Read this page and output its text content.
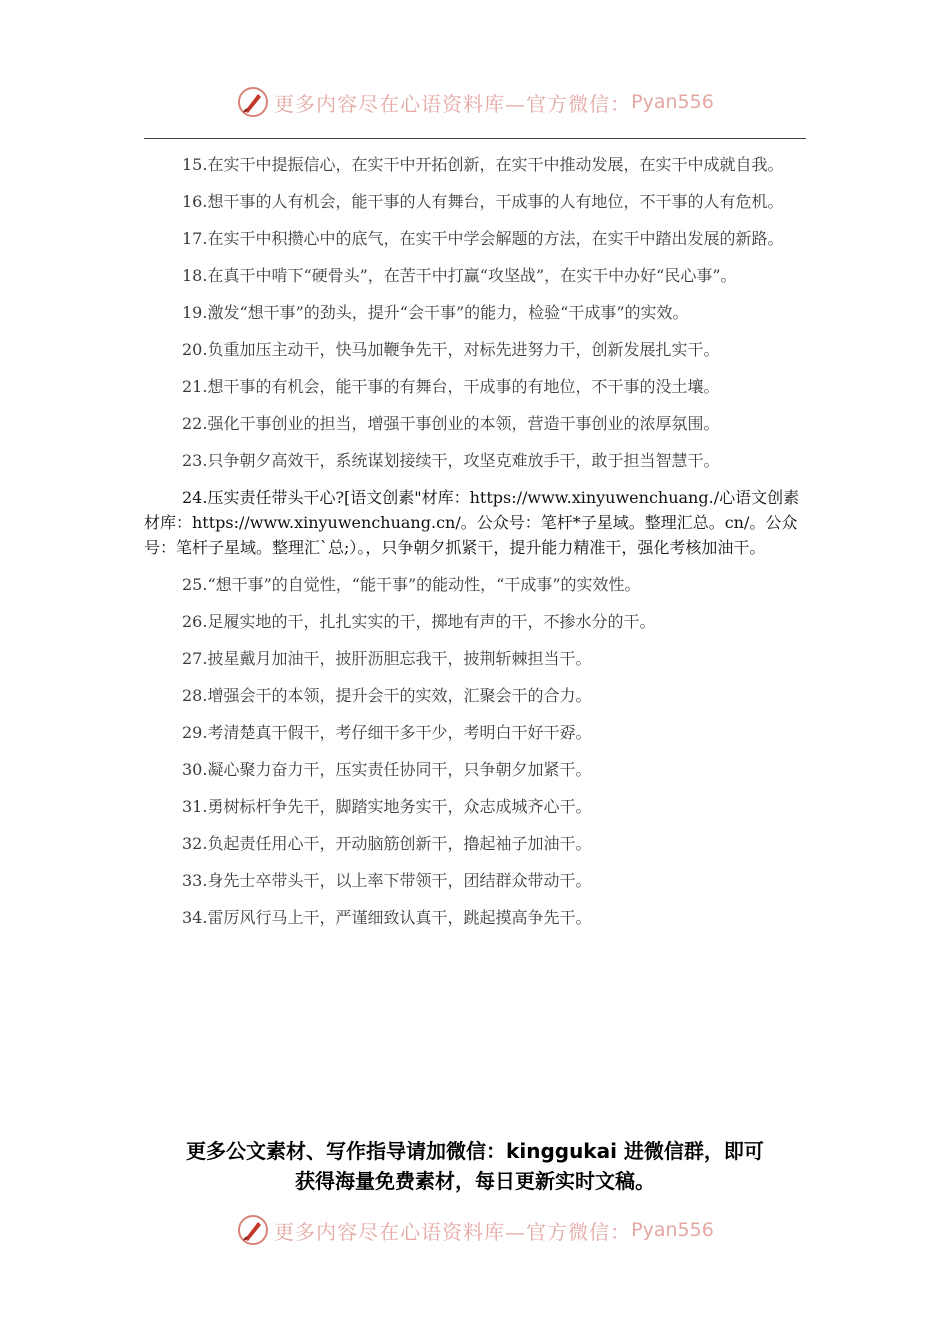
更多内容尽在心语资料库—官方微信： Pyan556

15.在实干中提振信心，在实干中开拓创新，在实干中推动发展，在实干中成就自我。

16.想干事的人有机会，能干事的人有舞台，干成事的人有地位，不干事的人有危机。

17.在实干中积攒心中的底气，在实干中学会解题的方法，在实干中踏出发展的新路。

18.在真干中啃下“硬骨头”，在苦干中打赢“攻坚战”，在实干中办好“民心事”。

19.激发“想干事”的劲头，提升“会干事”的能力，检验“干成事”的实效。

20.负重加压主动干，快马加鞭争先干，对标先进努力干，创新发展扎实干。

21.想干事的有机会，能干事的有舞台，干成事的有地位，不干事的没土壤。

22.强化干事创业的担当，增强干事创业的本领，营造干事创业的浓厚氛围。

23.只争朝夕高效干，系统谋划接续干，攻坚克难放手干，敢于担当智慧干。

24.压实责任带头干心?[语文创素"材库：https://www.xinyuwenchuang./心语文创素材库：https://www.xinyuwenchuang.cn/。公众号：笔杆*子星域。整理汇总。cn/。公众号：笔杆子星域。整理汇`总;）。，只争朝夕抓紧干，提升能力精准干，强化考核加油干。

25.“想干事”的自觉性，“能干事”的能动性，“干成事”的实效性。

26.足履实地的干，扎扎实实的干，掷地有声的干，不掺水分的干。

27.披星戴月加油干，披肝沥胆忘我干，披荆斩棘担当干。

28.增强会干的本领，提升会干的实效，汇聚会干的合力。

29.考清楚真干假干，考仔细干多干少，考明白干好干孬。

30.凝心聚力奋力干，压实责任协同干，只争朝夕加紧干。

31.勇树标杆争先干，脚踏实地务实干，众志成城齐心干。

32.负起责任用心干，开动脑筋创新干，撸起袖子加油干。

33.身先士卒带头干，以上率下带领干，团结群众带动干。

34.雷厉风行马上干，严谨细致认真干，跳起摸高争先干。

更多公文素材、写作指导请加微信：kinggukai 进微信群，即可
获得海量免费素材，每日更新实时文稿。
更多内容尽在心语资料库—官方微信： Pyan556
